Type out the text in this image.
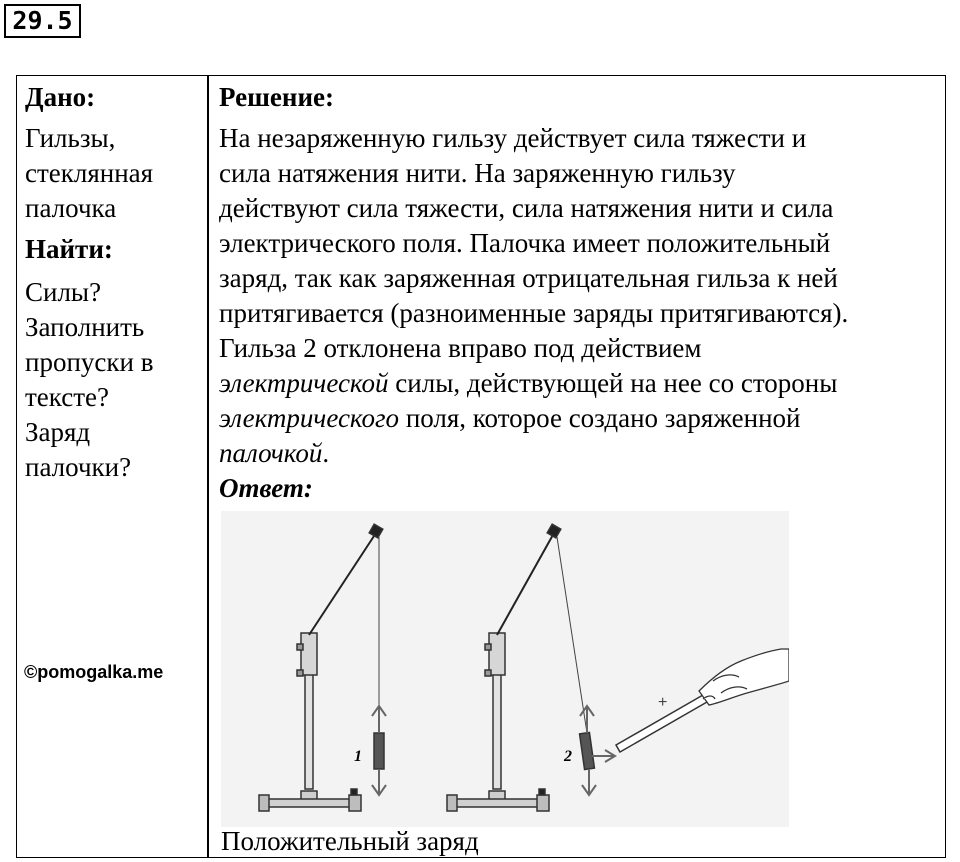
29.5
Дано:
Гильзы,
стеклянная
палочка
Найти:
Силы?
Заполнить
пропуски в
тексте?
Заряд
палочки?
©pomogalka.me
Решение:
На незаряженную гильзу действует сила тяжести и
сила натяжения нити. На заряженную гильзу
действуют сила тяжести, сила натяжения нити и сила
электрического поля. Палочка имеет положительный
заряд, так как заряженная отрицательная гильза к ней
притягивается (разноименные заряды притягиваются).
Гильза 2 отклонена вправо под действием
электрической силы, действующей на нее со стороны
электрического поля, которое создано заряженной
палочкой.
Ответ:
1	2
+
Положительный заряд
